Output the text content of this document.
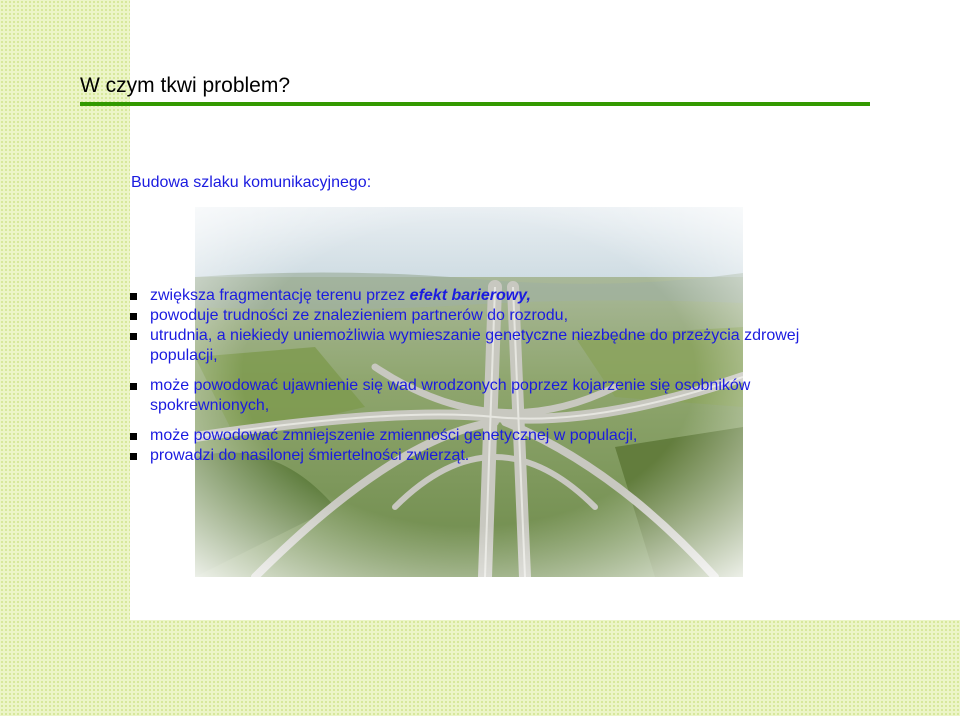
W czym tkwi problem?

Budowa szlaku komunikacyjnego:

zwiększa fragmentację terenu przez efekt barierowy,
powoduje trudności ze znalezieniem partnerów do rozrodu,
utrudnia, a niekiedy uniemożliwia wymieszanie genetyczne niezbędne do przeżycia zdrowej populacji,
może powodować ujawnienie się wad wrodzonych poprzez kojarzenie się osobników spokrewnionych,
może powodować zmniejszenie zmienności genetycznej w populacji,
prowadzi do nasilonej śmiertelności zwierząt.
